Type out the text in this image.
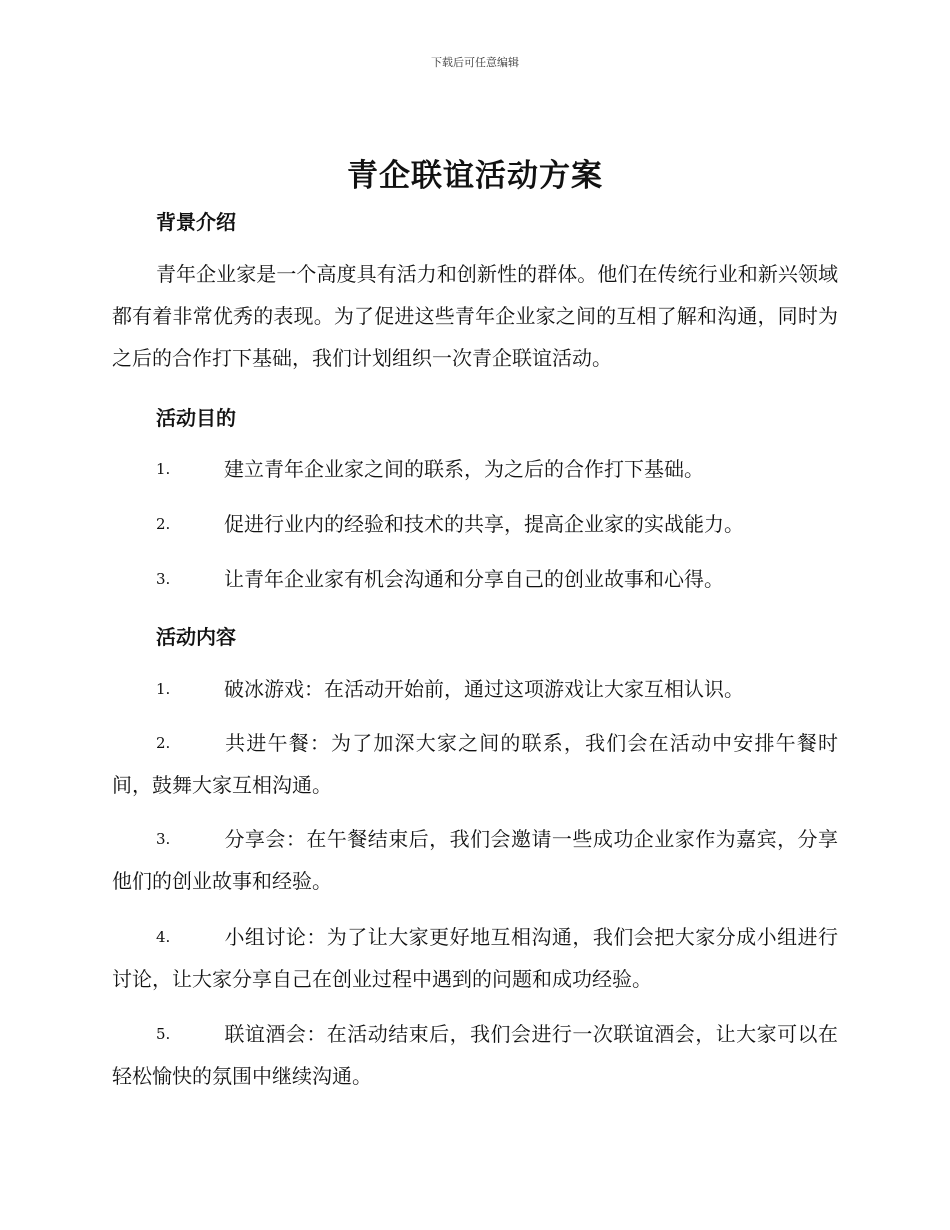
下载后可任意编辑
青企联谊活动方案
背景介绍
青年企业家是一个高度具有活力和创新性的群体。他们在传统行业和新兴领域都有着非常优秀的表现。为了促进这些青年企业家之间的互相了解和沟通，同时为之后的合作打下基础，我们计划组织一次青企联谊活动。
活动目的
1.	建立青年企业家之间的联系，为之后的合作打下基础。
2.	促进行业内的经验和技术的共享，提高企业家的实战能力。
3.	让青年企业家有机会沟通和分享自己的创业故事和心得。
活动内容
1.	破冰游戏：在活动开始前，通过这项游戏让大家互相认识。
2.	共进午餐：为了加深大家之间的联系，我们会在活动中安排午餐时间，鼓舞大家互相沟通。
3.	分享会：在午餐结束后，我们会邀请一些成功企业家作为嘉宾，分享他们的创业故事和经验。
4.	小组讨论：为了让大家更好地互相沟通，我们会把大家分成小组进行讨论，让大家分享自己在创业过程中遇到的问题和成功经验。
5.	联谊酒会：在活动结束后，我们会进行一次联谊酒会，让大家可以在轻松愉快的氛围中继续沟通。
